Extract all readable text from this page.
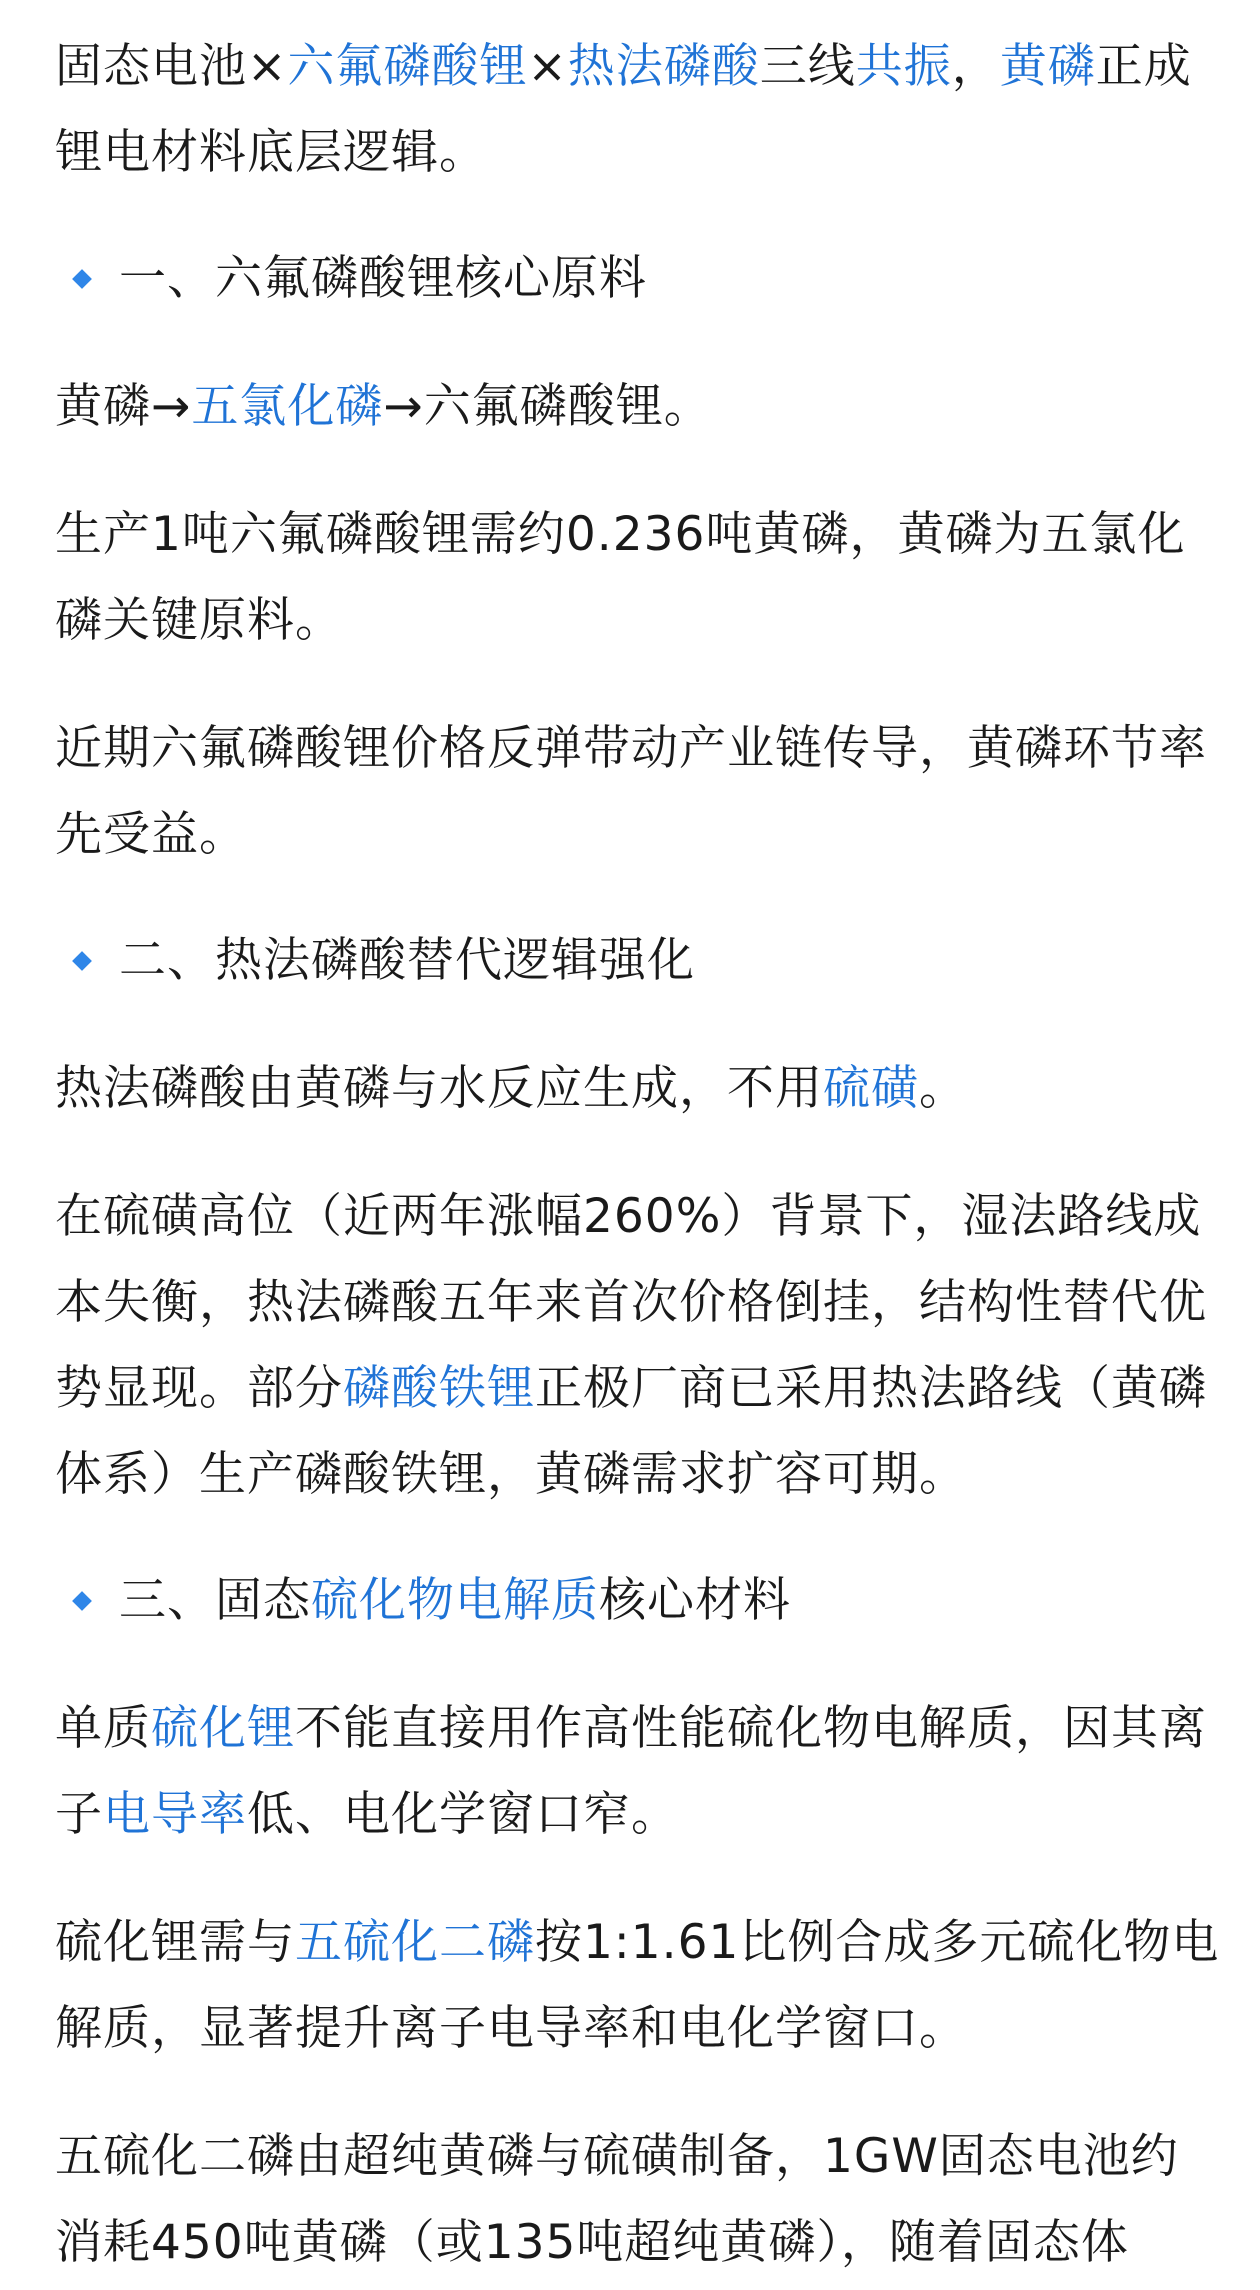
固态电池×六氟磷酸锂×热法磷酸三线共振，黄磷正成锂电材料底层逻辑。

一、六氟磷酸锂核心原料

黄磷→五氯化磷→六氟磷酸锂。

生产1吨六氟磷酸锂需约0.236吨黄磷，黄磷为五氯化磷关键原料。

近期六氟磷酸锂价格反弹带动产业链传导，黄磷环节率先受益。

二、热法磷酸替代逻辑强化

热法磷酸由黄磷与水反应生成，不用硫磺。

在硫磺高位（近两年涨幅260%）背景下，湿法路线成本失衡，热法磷酸五年来首次价格倒挂，结构性替代优势显现。部分磷酸铁锂正极厂商已采用热法路线（黄磷体系）生产磷酸铁锂，黄磷需求扩容可期。

三、固态硫化物电解质核心材料

单质硫化锂不能直接用作高性能硫化物电解质，因其离子电导率低、电化学窗口窄。

硫化锂需与五硫化二磷按1:1.61比例合成多元硫化物电解质，显著提升离子电导率和电化学窗口。

五硫化二磷由超纯黄磷与硫磺制备，1GW固态电池约消耗450吨黄磷（或135吨超纯黄磷），随着固态体
